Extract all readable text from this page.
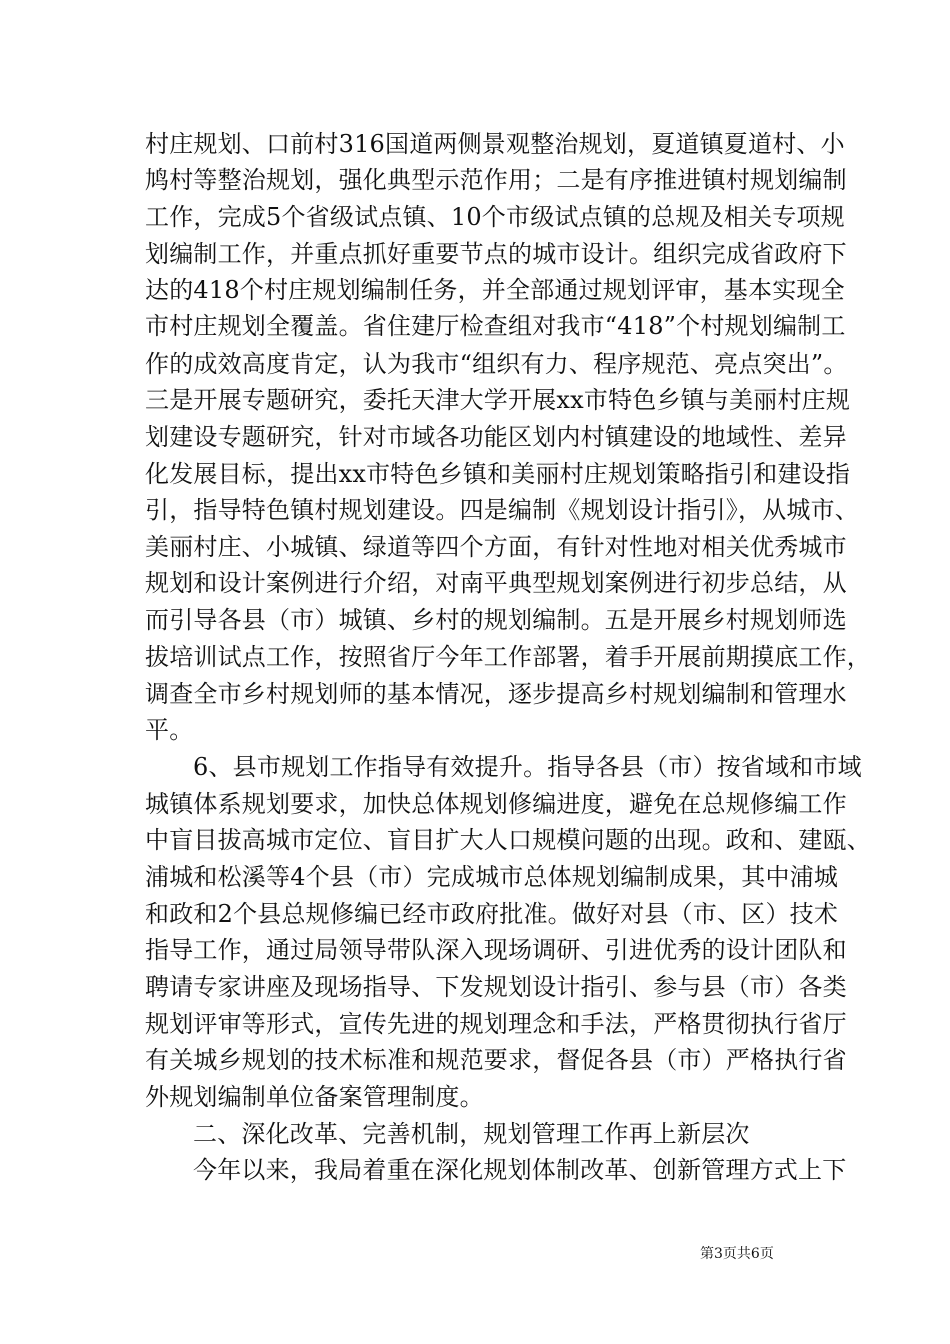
村庄规划、口前村316国道两侧景观整治规划，夏道镇夏道村、小
鸠村等整治规划，强化典型示范作用；二是有序推进镇村规划编制
工作，完成5个省级试点镇、10个市级试点镇的总规及相关专项规
划编制工作，并重点抓好重要节点的城市设计。组织完成省政府下
达的418个村庄规划编制任务，并全部通过规划评审，基本实现全
市村庄规划全覆盖。省住建厅检查组对我市“418”个村规划编制工
作的成效高度肯定，认为我市“组织有力、程序规范、亮点突出”。
三是开展专题研究，委托天津大学开展xx市特色乡镇与美丽村庄规
划建设专题研究，针对市域各功能区划内村镇建设的地域性、差异
化发展目标，提出xx市特色乡镇和美丽村庄规划策略指引和建设指
引，指导特色镇村规划建设。四是编制《规划设计指引》，从城市、
美丽村庄、小城镇、绿道等四个方面，有针对性地对相关优秀城市
规划和设计案例进行介绍，对南平典型规划案例进行初步总结，从
而引导各县（市）城镇、乡村的规划编制。五是开展乡村规划师选
拔培训试点工作，按照省厅今年工作部署，着手开展前期摸底工作，
调查全市乡村规划师的基本情况，逐步提高乡村规划编制和管理水
平。
6、县市规划工作指导有效提升。指导各县（市）按省域和市域
城镇体系规划要求，加快总体规划修编进度，避免在总规修编工作
中盲目拔高城市定位、盲目扩大人口规模问题的出现。政和、建瓯、
浦城和松溪等4个县（市）完成城市总体规划编制成果，其中浦城
和政和2个县总规修编已经市政府批准。做好对县（市、区）技术
指导工作，通过局领导带队深入现场调研、引进优秀的设计团队和
聘请专家讲座及现场指导、下发规划设计指引、参与县（市）各类
规划评审等形式，宣传先进的规划理念和手法，严格贯彻执行省厅
有关城乡规划的技术标准和规范要求，督促各县（市）严格执行省
外规划编制单位备案管理制度。
二、深化改革、完善机制，规划管理工作再上新层次
今年以来，我局着重在深化规划体制改革、创新管理方式上下
第3页共6页
